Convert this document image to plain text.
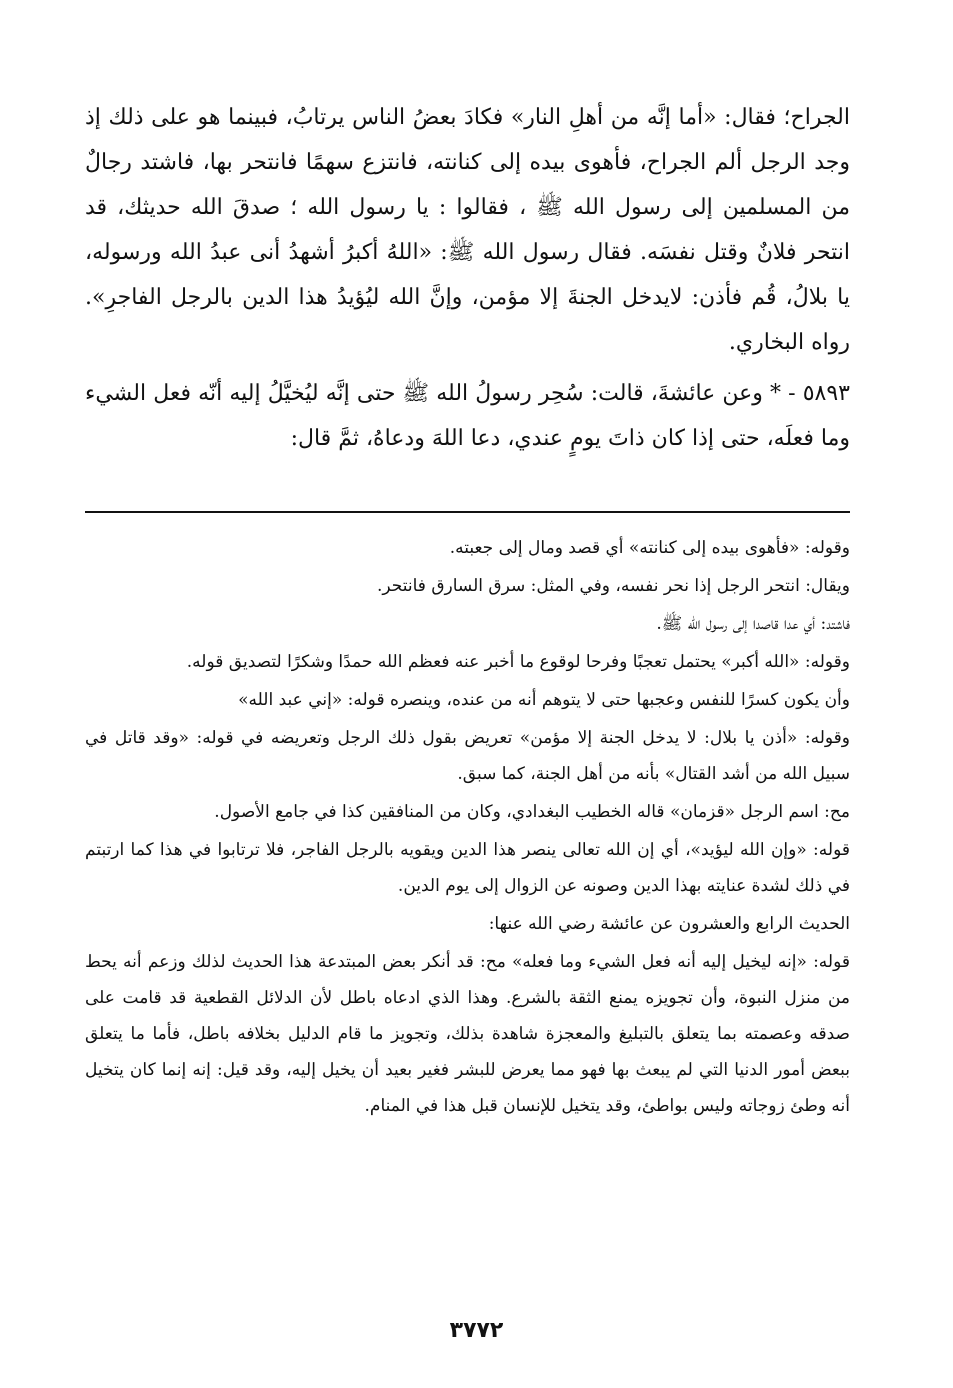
الجراح؛ فقال: «أما إنَّه من أهلِ النار» فكادَ بعضُ الناس يرتابُ، فبينما هو على ذلك إذ وجد الرجل ألم الجراح، فأهوى بيده إلى كنانته، فانتزع سهمًا فانتحر بها، فاشتد رجالٌ من المسلمين إلى رسول الله ﷺ ، فقالوا : يا رسول الله ؛ صدقَ الله حديثك، قد انتحر فلانٌ وقتل نفسَه. فقال رسول الله ﷺ: «اللهُ أكبرُ أشهدُ أنى عبدُ الله ورسوله، يا بلالُ، قُم فأذن: لايدخل الجنةَ إلا مؤمن، وإنَّ الله ليُؤيدُ هذا الدين بالرجل الفاجرِ». رواه البخاري.

٥٨٩٣ - * وعن عائشةَ، قالت: سُحِر رسولُ الله ﷺ حتى إنَّه ليُخيَّلُ إليه أنّه فعل الشيء وما فعلَه، حتى إذا كان ذاتَ يومٍ عندي، دعا اللهَ ودعاهُ، ثمَّ قال:

وقوله: «فأهوى بيده إلى كنانته» أي قصد ومال إلى جعبته.

ويقال: انتحر الرجل إذا نحر نفسه، وفي المثل: سرق السارق فانتحر.

فاشتد: أي عدا قاصدا إلى رسول الله ﷺ.

وقوله: «الله أكبر» يحتمل تعجبًا وفرحا لوقوع ما أخبر عنه فعظم الله حمدًا وشكرًا لتصديق قوله.

وأن يكون كسرًا للنفس وعجبها حتى لا يتوهم أنه من عنده، وينصره قوله: «إني عبد الله»

وقوله: «أذن يا بلال: لا يدخل الجنة إلا مؤمن» تعريض بقول ذلك الرجل وتعريضه في قوله: «وقد قاتل في سبيل الله من أشد القتال» بأنه من أهل الجنة، كما سبق.

مح: اسم الرجل «قزمان» قاله الخطيب البغدادي، وكان من المنافقين كذا في جامع الأصول.

قوله: «وإن الله ليؤيد»، أي إن الله تعالى ينصر هذا الدين ويقويه بالرجل الفاجر، فلا ترتابوا في هذا كما ارتبتم في ذلك لشدة عنايته بهذا الدين وصونه عن الزوال إلى يوم الدين.

الحديث الرابع والعشرون عن عائشة رضي الله عنها:

قوله: «إنه ليخيل إليه أنه فعل الشيء وما فعله» مح: قد أنكر بعض المبتدعة هذا الحديث لذلك وزعم أنه يحط من منزل النبوة، وأن تجويزه يمنع الثقة بالشرع. وهذا الذي ادعاه باطل لأن الدلائل القطعية قد قامت على صدقه وعصمته بما يتعلق بالتبليغ والمعجزة شاهدة بذلك، وتجويز ما قام الدليل بخلافه باطل، فأما ما يتعلق ببعض أمور الدنيا التي لم يبعث بها فهو مما يعرض للبشر فغير بعيد أن يخيل إليه، وقد قيل: إنه إنما كان يتخيل أنه وطئ زوجاته وليس بواطئ، وقد يتخيل للإنسان قبل هذا في المنام.

٣٧٧٢
